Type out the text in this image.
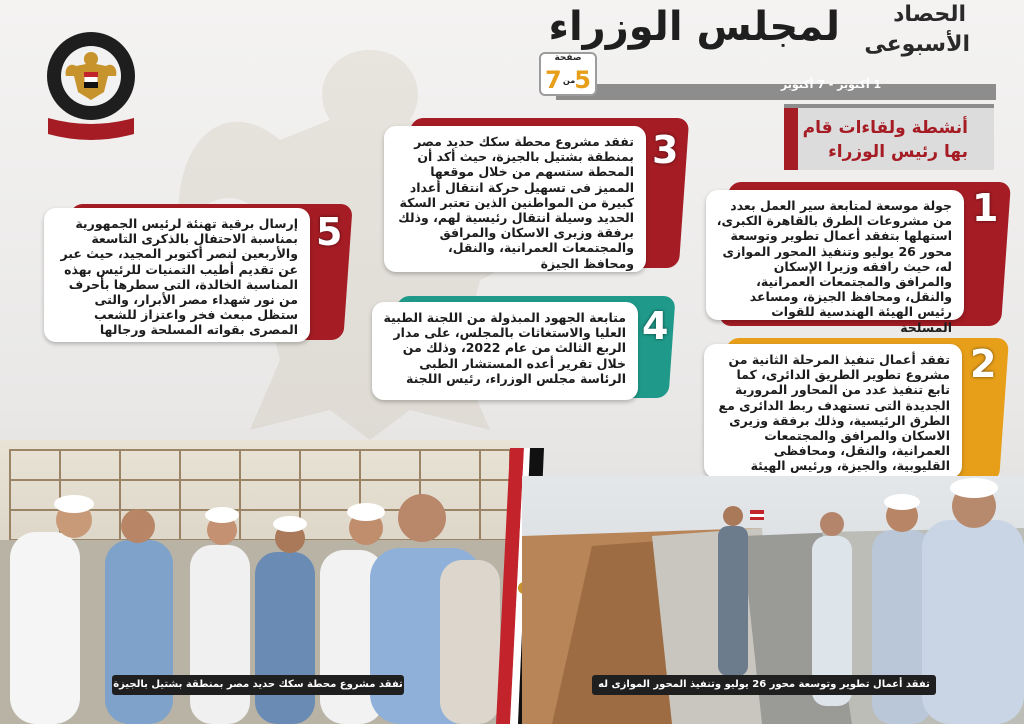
لمجلس الوزراء الحصاد
الأسبوعى
1 أكتوبر - 7 أكتوبر
صفحة
5
من
7
أنشطة ولقاءات قام
بها رئيس الوزراء
جولة موسعة لمتابعة سير العمل بعدد من مشروعات الطرق بالقاهرة الكبرى، استهلها بتفقد أعمال تطوير وتوسعة محور 26 يوليو وتنفيذ المحور الموازى له، حيث رافقه وزيرا الإسكان والمرافق والمجتمعات العمرانية، والنقل، ومحافظ الجيزة، ومساعد رئيس الهيئة الهندسية للقوات المسلحة
1
تفقد أعمال تنفيذ المرحلة الثانية من مشروع تطوير الطريق الدائرى، كما تابع تنفيذ عدد من المحاور المرورية الجديدة التى تستهدف ربط الدائرى مع الطرق الرئيسية، وذلك برفقة وزيرى الاسكان والمرافق والمجتمعات العمرانية، والنقل، ومحافظى القليوبية، والجيزة، ورئيس الهيئة
2
تفقد مشروع محطة سكك حديد مصر بمنطقة بشتيل بالجيزة، حيث أكد أن المحطة ستسهم من خلال موقعها المميز فى تسهيل حركة انتقال أعداد كبيرة من المواطنين الذين تعتبر السكة الحديد وسيلة انتقال رئيسية لهم، وذلك برفقة وزيرى الاسكان والمرافق والمجتمعات العمرانية، والنقل، ومحافظ الجيزة
3
متابعة الجهود المبذولة من اللجنة الطبية العليا والاستغاثات بالمجلس، على مدار الربع الثالث من عام 2022، وذلك من خلال تقرير أعده المستشار الطبى الرئاسة مجلس الوزراء، رئيس اللجنة
4
إرسال برقية تهنئة لرئيس الجمهورية بمناسبة الاحتفال بالذكرى التاسعة والأربعين لنصر أكتوبر المجيد، حيث عبر عن تقديم أطيب التمنيات للرئيس بهذه المناسبة الخالدة، التى سطرها بأحرف من نور شهداء مصر الأبرار، والتى ستظل مبعث فخر واعتزاز للشعب المصرى بقواته المسلحة ورجالها
5
تفقد مشروع محطة سكك حديد مصر بمنطقة بشتيل بالجيزة	تفقد أعمال تطوير وتوسعة محور 26 يوليو وتنفيذ المحور الموازى له
